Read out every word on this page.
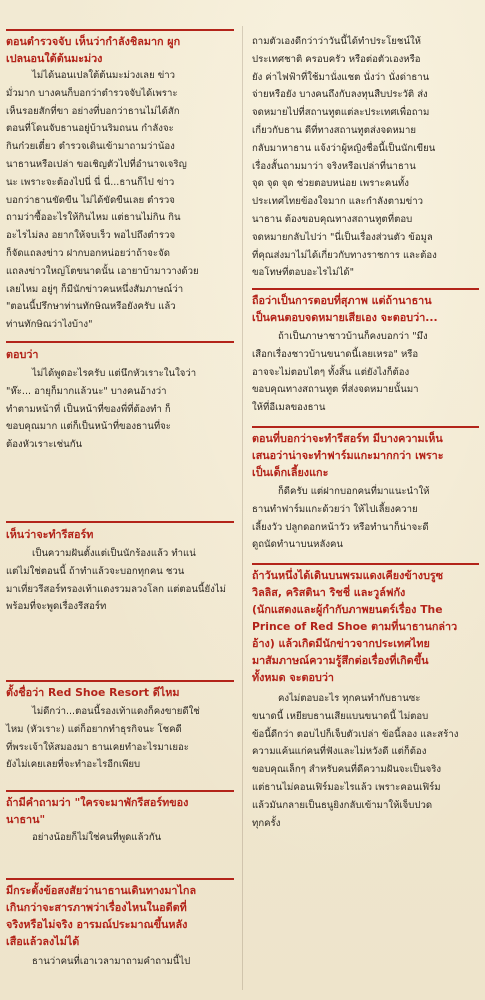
ตอนตำรวจจับ เห็นว่ากำลังชิลมาก ผูก
เปลนอนใต้ต้นมะม่วง

ไม่ได้นอนเปลใต้ต้นมะม่วงเลย ข่าว
มั่วมาก บางคนก็บอกว่าตำรวจจับได้เพราะ
เห็นรอยสักที่ขา อย่างที่บอกว่าธานไม่ได้สัก
ตอนที่โดนจับธานอยู่บ้านริมถนน กำลังจะ
กินก๋วยเตี๋ยว ตำรวจเดินเข้ามาถามว่าน้อง
นาธานหรือเปล่า ขอเชิญตัวไปที่อำนาจเจริญ
นะ เพราะจะต้องไปนี่ นี่ นี่...ธานก็ไป ข่าว
บอกว่าธานขัดขืน ไม่ได้ขัดขืนเลย ตำรวจ
ถามว่าซื้ออะไรให้กินไหม แต่ธานไม่กิน กิน
อะไรไม่ลง อยากให้จบเร็ว พอไปถึงตำรวจ
ก็จัดแถลงข่าว ฝากบอกหน่อยว่าถ้าจะจัด
แถลงข่าวใหญ่โตขนาดนั้น เอายาบ้ามาวางด้วย
เลยไหม อยู่ๆ ก็มีนักข่าวคนหนึ่งสัมภาษณ์ว่า
"ตอนนี้ปรึกษาท่านทักษิณหรือยังครับ แล้ว
ท่านทักษิณว่าไงบ้าง"

ตอบว่า

ไม่ได้พูดอะไรครับ แต่นึกหัวเราะในใจว่า
"ห๊ะ... อายุก็มากแล้วนะ" บางคนอ้างว่า
ทำตามหน้าที่ เป็นหน้าที่ของพี่ที่ต้องทำ ก็
ขอบคุณมาก แต่ก็เป็นหน้าที่ของธานที่จะ
ต้องหัวเราะเช่นกัน

เห็นว่าจะทำรีสอร์ท

เป็นความฝันตั้งแต่เป็นนักร้องแล้ว ทำแน่
แต่ไม่ใช่ตอนนี้ ถ้าทำแล้วจะบอกทุกคน ชวน
มาเที่ยวรีสอร์ทรองเท้าแดงรวมลวงโลก แต่ตอนนี้ยังไม่
พร้อมที่จะพูดเรื่องรีสอร์ท

ตั้งชื่อว่า Red Shoe Resort ดีไหม

ไม่ดีกว่า...ตอนนี้รองเท้าแดงก็คงขายดีใช่
ไหม (หัวเราะ) แต่ก็อยากทำธุรกิจนะ โชคดี
ที่พระเจ้าให้สมองมา ธานเคยทำอะไรมาเยอะ
ยังไม่เคยเลยที่จะทำอะไรอีกเพียบ

ถ้ามีคำถามว่า "ใครจะมาพักรีสอร์ทของ
นาธาน"

อย่างน้อยก็ไม่ใช่คนที่พูดแล้วกัน

มีกระตั้งข้อสงสัยว่านาธานเดินทางมาไกล
เกินกว่าจะสารภาพว่าเรื่องไหนในอดีตที่
จริงหรือไม่จริง อารมณ์ประมาณขึ้นหลัง
เสือแล้วลงไม่ได้

ธานว่าคนที่เอาเวลามาถามคำถามนี้ไป

ถามตัวเองดีกว่าว่าวันนี้ได้ทำประโยชน์ให้
ประเทศชาติ ครอบครัว หรือต่อตัวเองหรือ
ยัง ค่าไฟฟ้าที่ใช้มานั่งแชต นั่งว่า นั่งด่าธาน
จ่ายหรือยัง บางคนถึงกับลงทุนสืบประวัติ ส่ง
จดหมายไปที่สถานทูตแต่ละประเทศเพื่อถาม
เกี่ยวกับธาน ดีที่ทางสถานทูตส่งจดหมาย
กลับมาหาธาน แจ้งว่าผู้หญิงชื่อนี้เป็นนักเขียน
เรื่องสั้นถามมาว่า จริงหรือเปล่าที่นาธาน
จุด จุด จุด ช่วยตอบหน่อย เพราะคนทั้ง
ประเทศไทยข้องใจมาก และกำลังตามข่าว
นาธาน ต้องขอบคุณทางสถานทูตที่ตอบ
จดหมายกลับไปว่า "นี่เป็นเรื่องส่วนตัว ข้อมูล
ที่คุณส่งมาไม่ได้เกี่ยวกับทางราชการ และต้อง
ขอโทษที่ตอบอะไรไม่ได้"

ถือว่าเป็นการตอบที่สุภาพ แต่ถ้านาธาน
เป็นคนตอบจดหมายเสียเอง จะตอบว่า...

ถ้าเป็นภาษาชาวบ้านก็คงบอกว่า "มึง
เสือกเรื่องชาวบ้านขนาดนี้เลยเหรอ" หรือ
อาจจะไม่ตอบไตๆ ทั้งสิ้น แต่ยังไงก็ต้อง
ขอบคุณทางสถานทูต ที่ส่งจดหมายนั้นมา
ให้ที่อีเมลของธาน

ตอนที่บอกว่าจะทำรีสอร์ท มีบางความเห็น
เสนอว่าน่าจะทำฟาร์มแกะมากกว่า เพราะ
เป็นเด็กเลี้ยงแกะ

ก็ดีครับ แต่ฝากบอกคนที่มาแนะนำให้
ธานทำฟาร์มแกะด้วยว่า ให้ไปเลี้ยงควาย
เลี้ยงวัว ปลูกดอกหน้าวัว หรือทำนาก็น่าจะดี
ดูถนัดทำนาบนหลังคน

ถ้าวันหนึ่งได้เดินบนพรมแดงเคียงข้างบรูซ
วิลลิส, คริสตินา ริชชี่ และวูล์ฟกัง
(นักแสดงและผู้กำกับภาพยนตร์เรื่อง The
Prince of Red Shoe ตามที่นาธานกล่าว
อ้าง) แล้วเกิดมีนักข่าวจากประเทศไทย
มาสัมภาษณ์ความรู้สึกต่อเรื่องที่เกิดขึ้น
ทั้งหมด จะตอบว่า

คงไม่ตอบอะไร ทุกคนทำกับธานซะ
ขนาดนี้ เหยียบธานเสียแบนขนาดนี้ ไม่ตอบ
ข้อนี้ดีกว่า ตอบไปก็เจ็บตัวเปล่า ข้อนี้ลอง และสร้าง
ความแค้นแก่คนที่ฟังและไม่หวังดี แต่ก็ต้อง
ขอบคุณเล็กๆ สำหรับคนที่ดีความฝันจะเป็นจริง
แต่ธานไม่คอนเฟิร์มอะไรแล้ว เพราะคอนเฟิร์ม
แล้วมันกลายเป็นธนูยิงกลับเข้ามาให้เจ็บปวด
ทุกครั้ง
